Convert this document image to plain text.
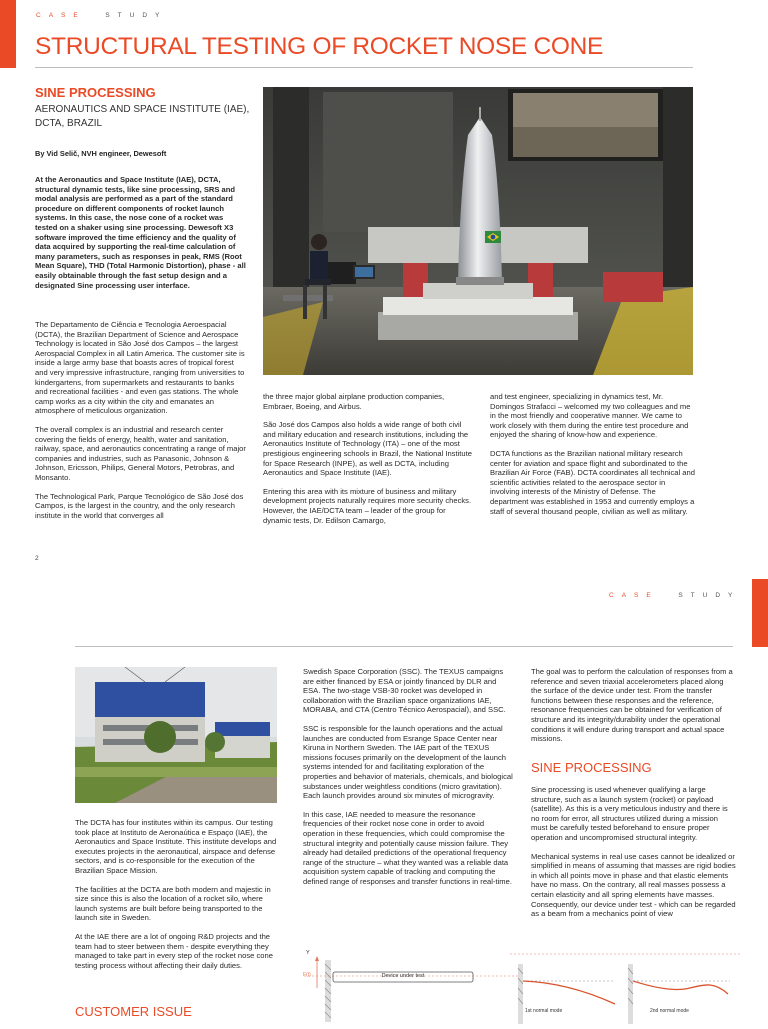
CASE	STUDY
STRUCTURAL TESTING OF ROCKET NOSE CONE
SINE PROCESSING
AERONAUTICS AND SPACE INSTITUTE (IAE), DCTA, BRAZIL
By Vid Selič, NVH engineer, Dewesoft
At the Aeronautics and Space Institute (IAE), DCTA, structural dynamic tests, like sine processing, SRS and modal analysis are performed as a part of the standard procedure on different components of rocket launch systems. In this case, the nose cone of a rocket was tested on a shaker using sine processing. Dewesoft X3 software improved the time efficiency and the quality of data acquired by supporting the real-time calculation of many parameters, such as responses in peak, RMS (Root Mean Square), THD (Total Harmonic Distortion), phase - all easily obtainable through the fast setup design and a designated Sine processing user interface.

The Departamento de Ciência e Tecnologia Aeroespacial (DCTA), the Brazilian Department of Science and Aerospace Technology is located in São José dos Campos – the largest Aerospacial Complex in all Latin America. The customer site is inside a large army base that boasts acres of tropical forest and very impressive infrastructure, ranging from universities to kindergartens, from supermarkets and restaurants to banks and recreational facilities - and even gas stations. The whole camp works as a city within the city and emanates an atmosphere of meticulous organization.

The overall complex is an industrial and research center covering the fields of energy, health, water and sanitation, railway, space, and aeronautics concentrating a range of major companies and industries, such as Panasonic, Johnson & Johnson, Ericsson, Philips, General Motors, Petrobras, and Monsanto.

The Technological Park, Parque Tecnológico de São José dos Campos, is the largest in the country, and the only research institute in the world that converges all

the three major global airplane production companies, Embraer, Boeing, and Airbus.

São José dos Campos also holds a wide range of both civil and military education and research institutions, including the Aeronautics Institute of Technology (ITA) – one of the most prestigious engineering schools in Brazil, the National Institute for Space Research (INPE), as well as DCTA, including Aeronautics and Space Institute (IAE).

Entering this area with its mixture of business and military development projects naturally requires more security checks. However, the IAE/DCTA team – leader of the group for dynamic tests, Dr. Edilson Camargo,

and test engineer, specializing in dynamics test, Mr. Domingos Strafacci – welcomed my two colleagues and me in the most friendly and cooperative manner. We came to work closely with them during the entire test procedure and enjoyed the sharing of know-how and experience.

DCTA functions as the Brazilian national military research center for aviation and space flight and subordinated to the Brazilian Air Force (FAB). DCTA coordinates all technical and scientific activities related to the aerospace sector in involving interests of the Ministry of Defense. The department was established in 1953 and currently employs a staff of several thousand people, civilian as well as military.

2
CASE	STUDY

The DCTA has four institutes within its campus. Our testing took place at Instituto de Aeronaútica e Espaço (IAE), the Aeronautics and Space Institute. This institute develops and executes projects in the aeronautical, airspace and defense sectors, and is co-responsible for the execution of the Brazilian Space Mission.

The facilities at the DCTA are both modern and majestic in size since this is also the location of a rocket silo, where launch systems are built before being transported to the launch site in Sweden.

At the IAE there are a lot of ongoing R&D projects and the team had to steer between them - despite everything they managed to take part in every step of the rocket nose cone testing process without affecting their daily duties.

CUSTOMER ISSUE

Swedish Space Corporation (SSC). The TEXUS campaigns are either financed by ESA or jointly financed by DLR and ESA. The two-stage VSB-30 rocket was developed in collaboration with the Brazilian space organizations IAE, MORABA, and CTA (Centro Técnico Aerospacial), and SSC.

SSC is responsible for the launch operations and the actual launches are conducted from Esrange Space Center near Kiruna in Northern Sweden. The IAE part of the TEXUS missions focuses primarily on the development of the launch systems intended for and facilitating exploration of the properties and behavior of materials, chemicals, and biological substances under weightless conditions (micro gravitation). Each launch provides around six minutes of microgravity.

In this case, IAE needed to measure the resonance frequencies of their rocket nose cone in order to avoid operation in these frequencies, which could compromise the structural integrity and potentially cause mission failure. They already had detailed predictions of the operational frequency range of the structure – what they wanted was a reliable data acquisition system capable of tracking and computing the defined range of responses and transfer functions in real-time.

The goal was to perform the calculation of responses from a reference and seven triaxial accelerometers placed along the surface of the device under test. From the transfer functions between these responses and the reference, resonance frequencies can be obtained for verification of structure and its integrity/durability under the operational conditions it will endure during transport and actual space missions.

SINE PROCESSING

Sine processing is used whenever qualifying a large structure, such as a launch system (rocket) or payload (satellite). As this is a very meticulous industry and there is no room for error, all structures utilized during a mission must be carefully tested beforehand to ensure proper operation and uncompromised structural integrity.

Mechanical systems in real use cases cannot be idealized or simplified in means of assuming that masses are rigid bodies in which all points move in phase and that elastic elements have no mass. On the contrary, all real masses possess a certain elasticity and all spring elements have masses. Consequently, our device under test - which can be regarded as a beam from a mechanics point of view

Y
F(t)	Device under test
1st normal mode	2nd normal mode
